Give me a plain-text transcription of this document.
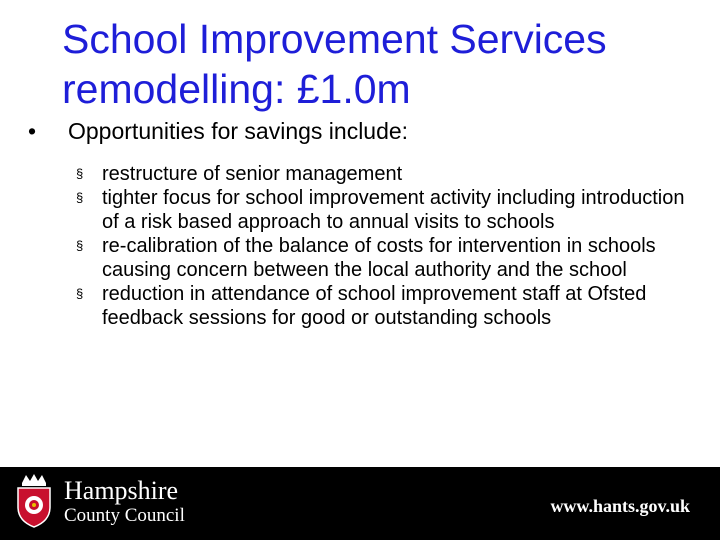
School Improvement Services
remodelling: £1.0m
•	Opportunities for savings include:
§ restructure of senior management
§ tighter focus for school improvement activity including introduction of a risk based approach to annual visits to schools
§ re-calibration of the balance of costs for intervention in schools causing concern between the local authority and the school
§ reduction in attendance of school improvement staff at Ofsted feedback sessions for good or outstanding schools
Hampshire
County Council	www.hants.gov.uk
